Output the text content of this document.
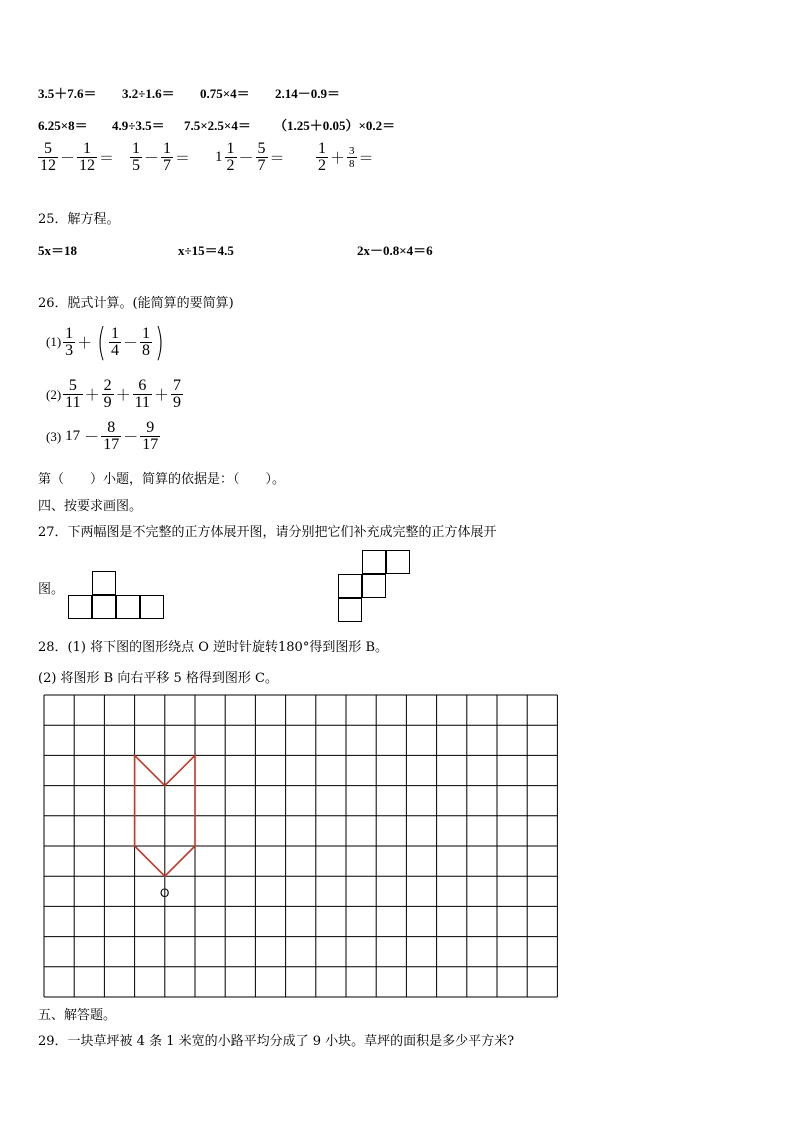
3.5＋7.6＝ 3.2÷1.6＝ 0.75×4＝ 2.14－0.9＝
6.25×8＝ 4.9÷3.5＝ 7.5×2.5×4＝ （1.25＋0.05）×0.2＝
$\frac{5}{12} - \frac{1}{12} = \frac{1}{5} - \frac{1}{7} = 1 \frac{1}{2} - \frac{5}{7} = \frac{1}{2} + \frac{3}{8}$ ＝
25．解方程。
5x＝18	x÷15＝4.5	2x－0.8×4＝6
26．脱式计算。(能简算的要简算)
$(1) \frac{1}{3}$ ＋ ( $\frac{1}{4} - \frac{1}{8}$ )
$(2) \frac{5}{11} + \frac{2}{9} + \frac{6}{11} + \frac{7}{9}$
(3) $17 - \frac{8}{17} - \frac{9}{17}$
第（　　）小题，简算的依据是：（　　）。
四、按要求画图。
27．下两幅图是不完整的正方体展开图，请分别把它们补充成完整的正方体展开
图。
28．(1) 将下图的图形绕点 O 逆时针旋转180°得到图形 B。
(2) 将图形 B 向右平移 5 格得到图形 C。
O
五、解答题。
29．一块草坪被 4 条 1 米宽的小路平均分成了 9 小块。草坪的面积是多少平方米?
